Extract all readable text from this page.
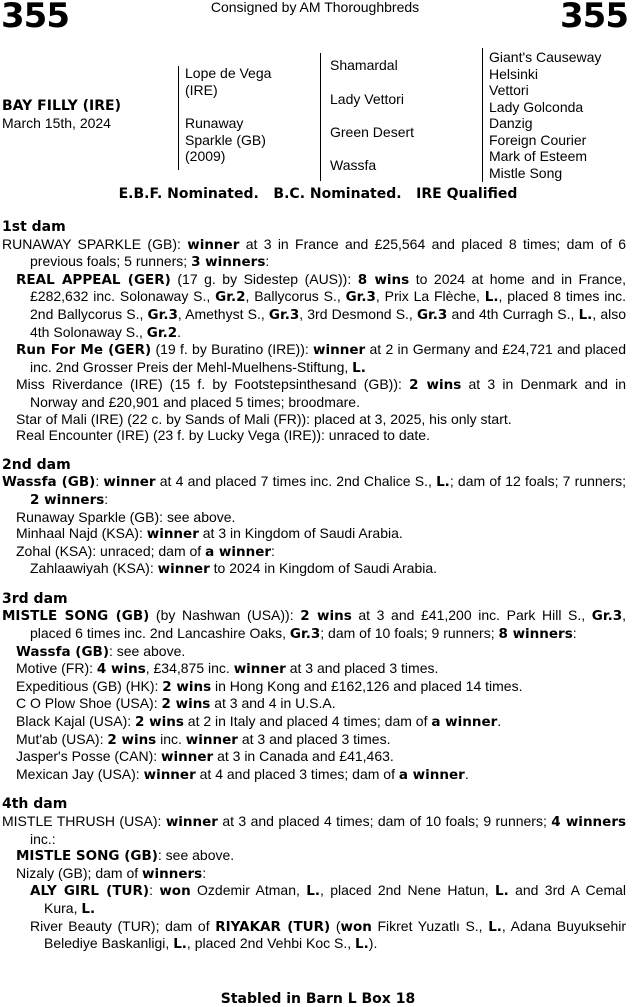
355	Consigned by AM Thoroughbreds	355
BAY FILLY (IRE)
March 15th, 2024
Lope de Vega
(IRE)
Runaway
Sparkle (GB)
(2009)
Shamardal
Lady Vettori
Green Desert
Wassfa
Giant's Causeway
Helsinki
Vettori
Lady Golconda
Danzig
Foreign Courier
Mark of Esteem
Mistle Song
E.B.F. Nominated.   B.C. Nominated.   IRE Qualified
1st dam
RUNAWAY SPARKLE (GB): winner at 3 in France and £25,564 and placed 8 times; dam of 6 previous foals; 5 runners; 3 winners:
REAL APPEAL (GER) (17 g. by Sidestep (AUS)): 8 wins to 2024 at home and in France, £282,632 inc. Solonaway S., Gr.2, Ballycorus S., Gr.3, Prix La Flèche, L., placed 8 times inc. 2nd Ballycorus S., Gr.3, Amethyst S., Gr.3, 3rd Desmond S., Gr.3 and 4th Curragh S., L., also 4th Solonaway S., Gr.2.
Run For Me (GER) (19 f. by Buratino (IRE)): winner at 2 in Germany and £24,721 and placed inc. 2nd Grosser Preis der Mehl-Muelhens-Stiftung, L.
Miss Riverdance (IRE) (15 f. by Footstepsinthesand (GB)): 2 wins at 3 in Denmark and in Norway and £20,901 and placed 5 times; broodmare.
Star of Mali (IRE) (22 c. by Sands of Mali (FR)): placed at 3, 2025, his only start.
Real Encounter (IRE) (23 f. by Lucky Vega (IRE)): unraced to date.
2nd dam
Wassfa (GB): winner at 4 and placed 7 times inc. 2nd Chalice S., L.; dam of 12 foals; 7 runners; 2 winners:
Runaway Sparkle (GB): see above.
Minhaal Najd (KSA): winner at 3 in Kingdom of Saudi Arabia.
Zohal (KSA): unraced; dam of a winner:
Zahlaawiyah (KSA): winner to 2024 in Kingdom of Saudi Arabia.
3rd dam
MISTLE SONG (GB) (by Nashwan (USA)): 2 wins at 3 and £41,200 inc. Park Hill S., Gr.3, placed 6 times inc. 2nd Lancashire Oaks, Gr.3; dam of 10 foals; 9 runners; 8 winners:
Wassfa (GB): see above.
Motive (FR): 4 wins, £34,875 inc. winner at 3 and placed 3 times.
Expeditious (GB) (HK): 2 wins in Hong Kong and £162,126 and placed 14 times.
C O Plow Shoe (USA): 2 wins at 3 and 4 in U.S.A.
Black Kajal (USA): 2 wins at 2 in Italy and placed 4 times; dam of a winner.
Mut'ab (USA): 2 wins inc. winner at 3 and placed 3 times.
Jasper's Posse (CAN): winner at 3 in Canada and £41,463.
Mexican Jay (USA): winner at 4 and placed 3 times; dam of a winner.
4th dam
MISTLE THRUSH (USA): winner at 3 and placed 4 times; dam of 10 foals; 9 runners; 4 winners inc.:
MISTLE SONG (GB): see above.
Nizaly (GB); dam of winners:
ALY GIRL (TUR): won Ozdemir Atman, L., placed 2nd Nene Hatun, L. and 3rd A Cemal Kura, L.
River Beauty (TUR); dam of RIYAKAR (TUR) (won Fikret Yuzatlı S., L., Adana Buyuksehir Belediye Baskanligi, L., placed 2nd Vehbi Koc S., L.).
Stabled in Barn L Box 18
